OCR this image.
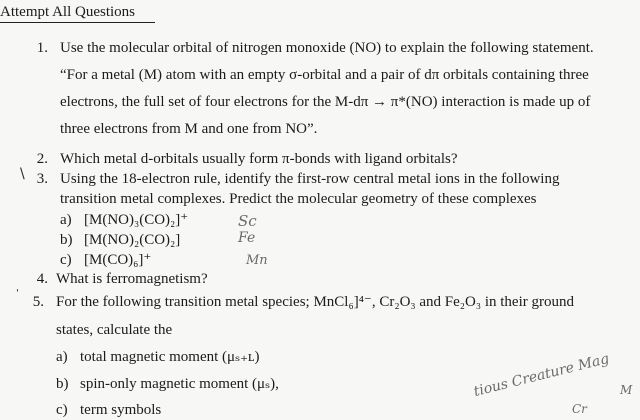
Attempt All Questions
1. Use the molecular orbital of nitrogen monoxide (NO) to explain the following statement.
“For a metal (M) atom with an empty σ-orbital and a pair of dπ orbitals containing three
electrons, the full set of four electrons for the M-dπ → π*(NO) interaction is made up of
three electrons from M and one from NO”.
2. Which metal d-orbitals usually form π-bonds with ligand orbitals?
\ 3. Using the 18-electron rule, identify the first-row central metal ions in the following
transition metal complexes. Predict the molecular geometry of these complexes
a) [M(NO)₃(CO)₂]⁺
b) [M(NO)₂(CO)₂]
c) [M(CO)₆]⁺
Sc
Fe
Mn
4. What is ferromagnetism?
'
5. For the following transition metal species; MnCl₆]⁴⁻, Cr₂O₃ and Fe₂O₃ in their ground
states, calculate the
a) total magnetic moment (μₛ₊ʟ)
b) spin-only magnetic moment (μₛ),
c) term symbols
tious Creature Mag M
Cr
